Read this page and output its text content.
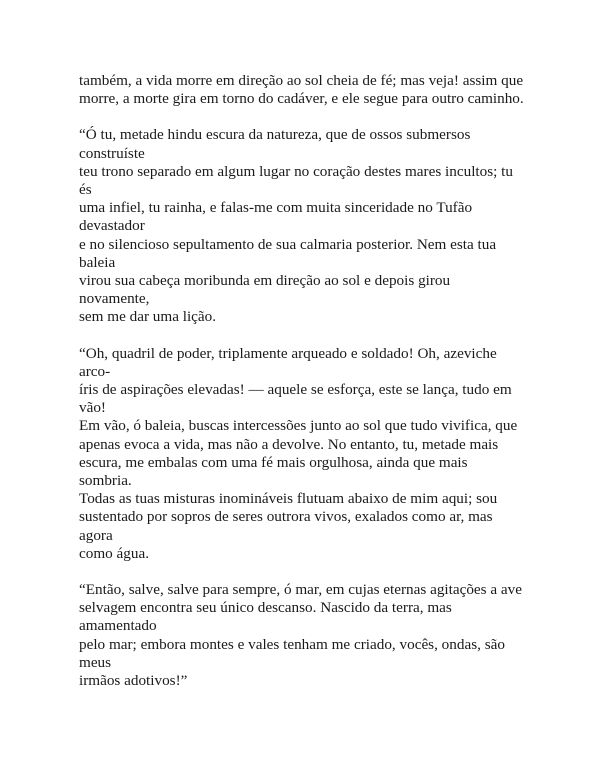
também, a vida morre em direção ao sol cheia de fé; mas veja! assim que
morre, a morte gira em torno do cadáver, e ele segue para outro caminho.

“Ó tu, metade hindu escura da natureza, que de ossos submersos construíste
teu trono separado em algum lugar no coração destes mares incultos; tu és
uma infiel, tu rainha, e falas-me com muita sinceridade no Tufão devastador
e no silencioso sepultamento de sua calmaria posterior. Nem esta tua baleia
virou sua cabeça moribunda em direção ao sol e depois girou novamente,
sem me dar uma lição.

“Oh, quadril de poder, triplamente arqueado e soldado! Oh, azeviche arco-
íris de aspirações elevadas! — aquele se esforça, este se lança, tudo em vão!
Em vão, ó baleia, buscas intercessões junto ao sol que tudo vivifica, que
apenas evoca a vida, mas não a devolve. No entanto, tu, metade mais
escura, me embalas com uma fé mais orgulhosa, ainda que mais sombria.
Todas as tuas misturas inomináveis flutuam abaixo de mim aqui; sou
sustentado por sopros de seres outrora vivos, exalados como ar, mas agora
como água.

“Então, salve, salve para sempre, ó mar, em cujas eternas agitações a ave
selvagem encontra seu único descanso. Nascido da terra, mas amamentado
pelo mar; embora montes e vales tenham me criado, vocês, ondas, são meus
irmãos adotivos!”
